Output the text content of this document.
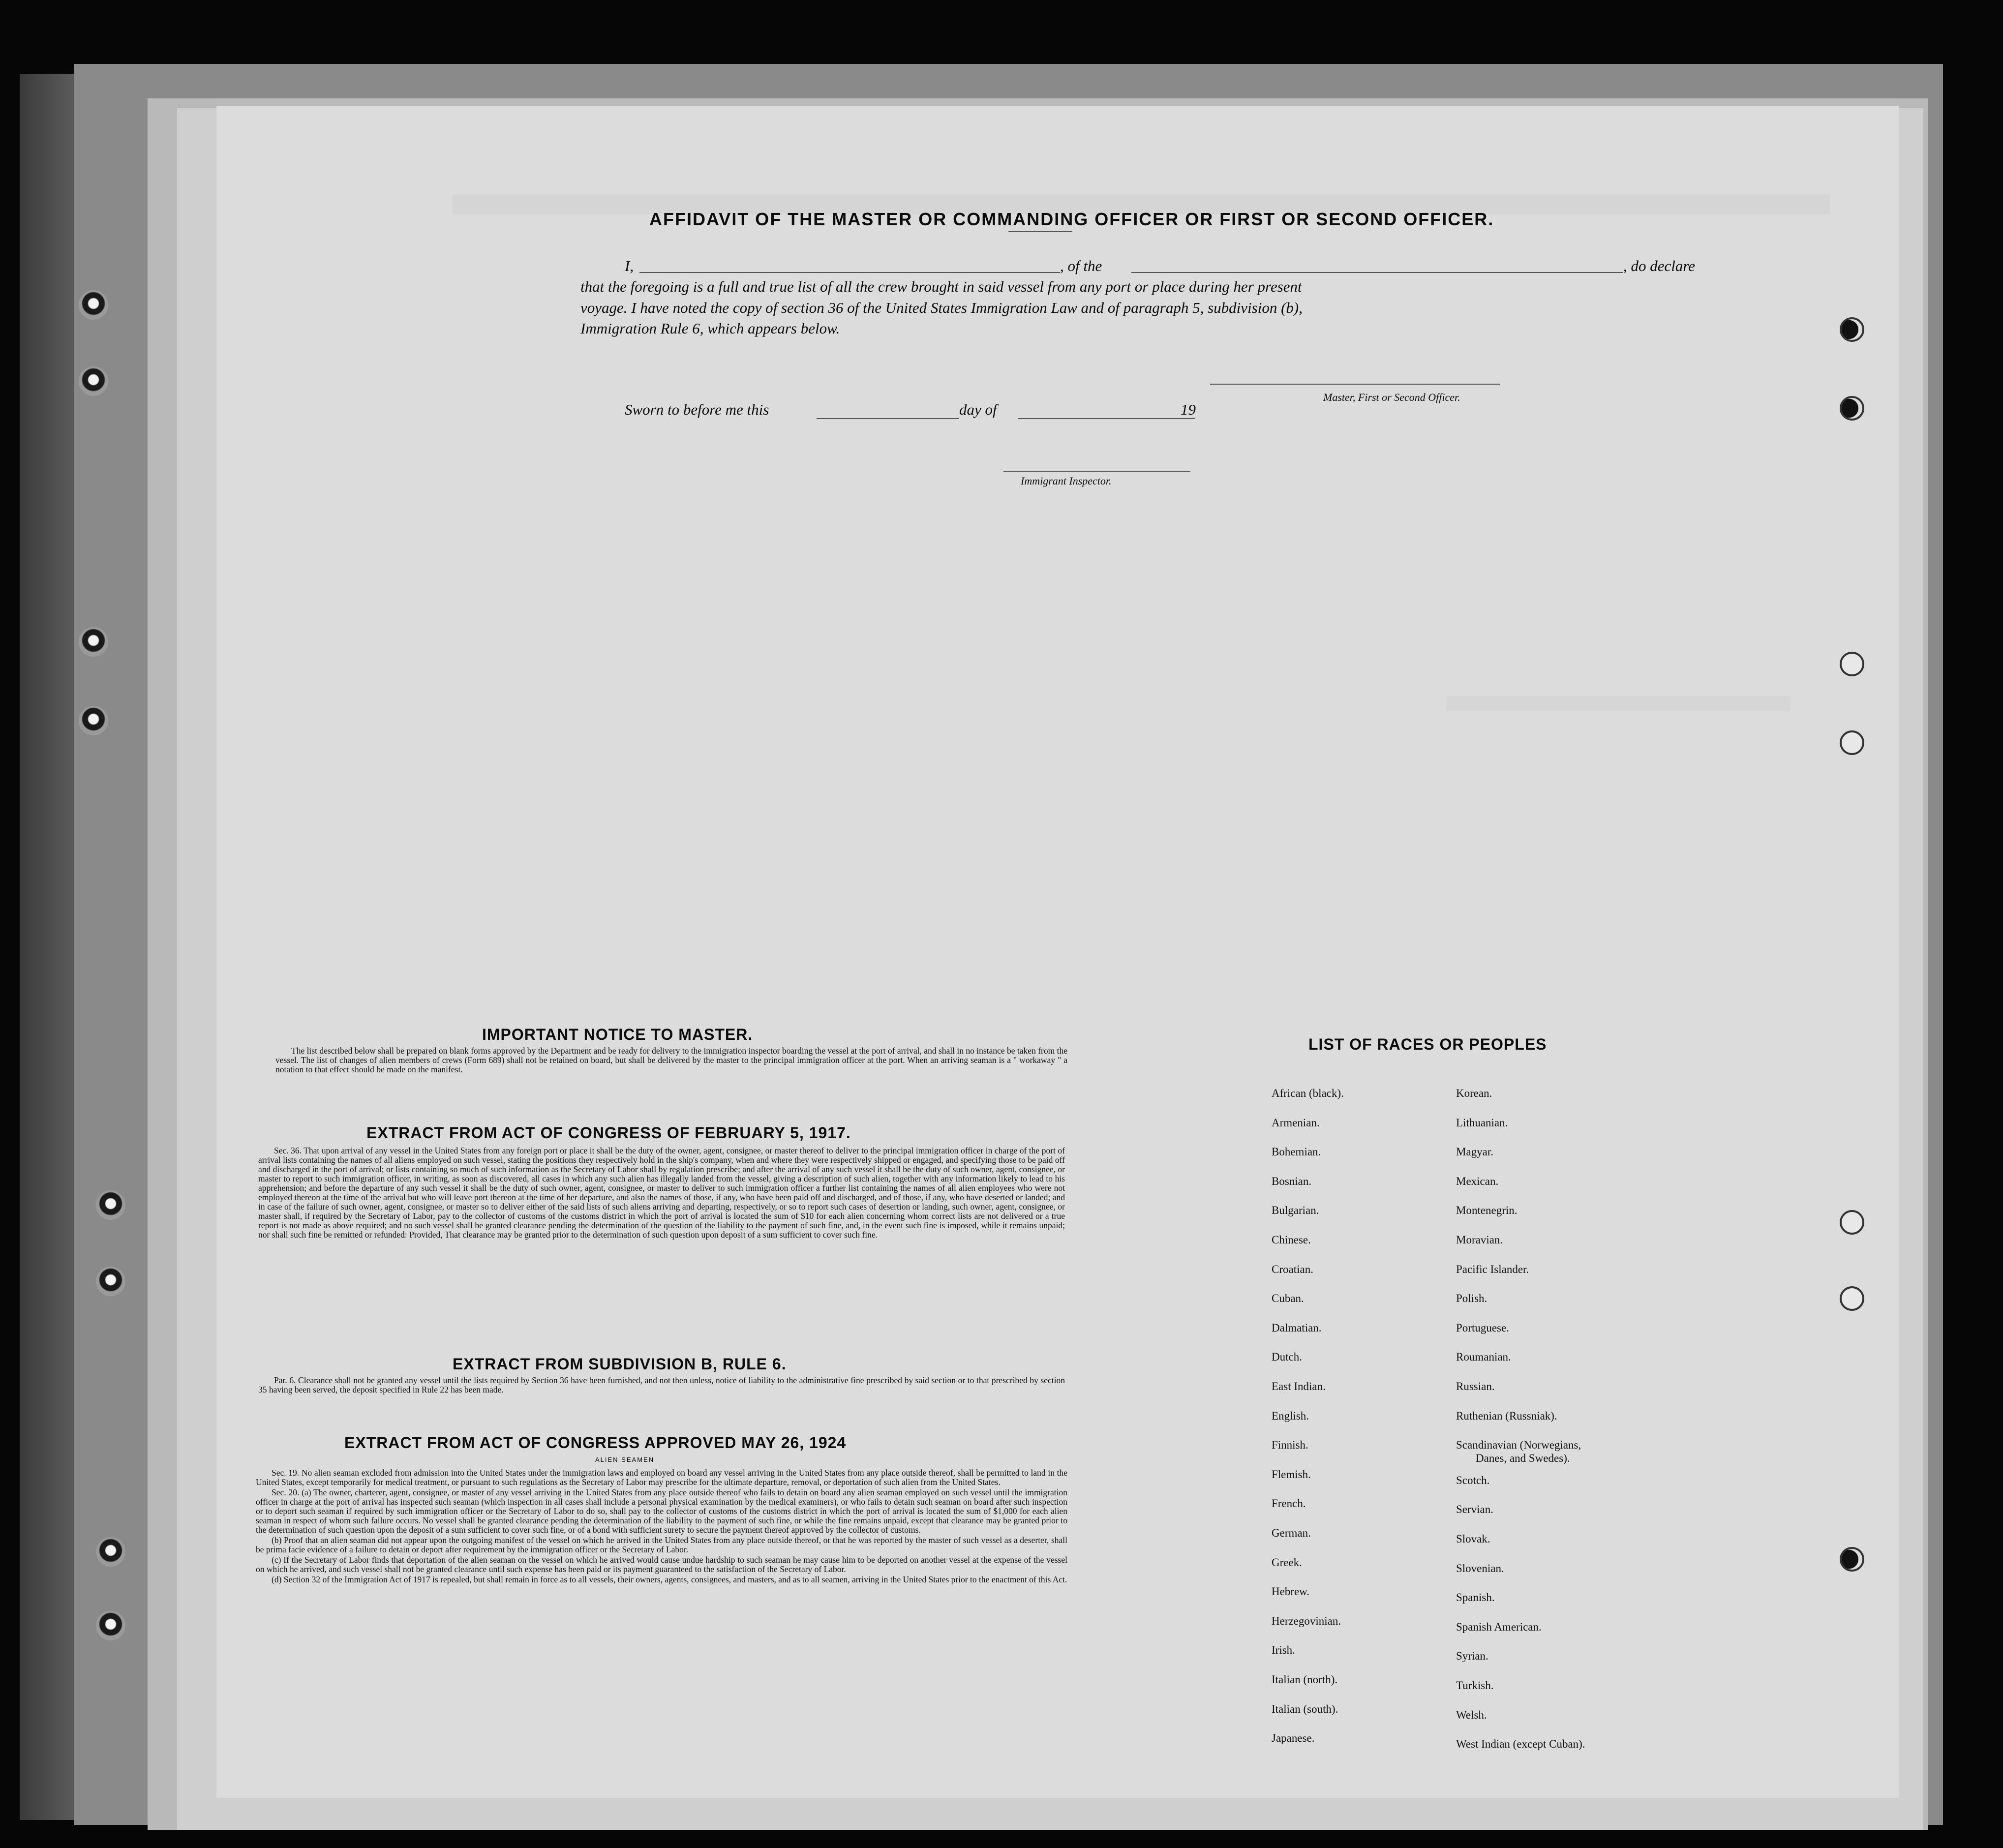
AFFIDAVIT OF THE MASTER OR COMMANDING OFFICER OR FIRST OR SECOND OFFICER.
I,	, of the	, do declare
that the foregoing is a full and true list of all the crew brought in said vessel from any port or place during her present
voyage. I have noted the copy of section 36 of the United States Immigration Law and of paragraph 5, subdivision (b),
Immigration Rule 6, which appears below.
Master, First or Second Officer.
Sworn to before me this	day of	19
Immigrant Inspector.
IMPORTANT NOTICE TO MASTER.

The list described below shall be prepared on blank forms approved by the Department and be ready for delivery to the immigration inspector boarding the vessel at the port of arrival, and shall in no instance be taken from the vessel. The list of changes of alien members of crews (Form 689) shall not be retained on board, but shall be delivered by the master to the principal immigration officer at the port. When an arriving seaman is a " workaway " a notation to that effect should be made on the manifest.

EXTRACT FROM ACT OF CONGRESS OF FEBRUARY 5, 1917.

Sec. 36. That upon arrival of any vessel in the United States from any foreign port or place it shall be the duty of the owner, agent, consignee, or master thereof to deliver to the principal immigration officer in charge of the port of arrival lists containing the names of all aliens employed on such vessel, stating the positions they respectively hold in the ship's company, when and where they were respectively shipped or engaged, and specifying those to be paid off and discharged in the port of arrival; or lists containing so much of such information as the Secretary of Labor shall by regulation prescribe; and after the arrival of any such vessel it shall be the duty of such owner, agent, consignee, or master to report to such immigration officer, in writing, as soon as discovered, all cases in which any such alien has illegally landed from the vessel, giving a description of such alien, together with any information likely to lead to his apprehension; and before the departure of any such vessel it shall be the duty of such owner, agent, consignee, or master to deliver to such immigration officer a further list containing the names of all alien employees who were not employed thereon at the time of the arrival but who will leave port thereon at the time of her departure, and also the names of those, if any, who have been paid off and discharged, and of those, if any, who have deserted or landed; and in case of the failure of such owner, agent, consignee, or master so to deliver either of the said lists of such aliens arriving and departing, respectively, or so to report such cases of desertion or landing, such owner, agent, consignee, or master shall, if required by the Secretary of Labor, pay to the collector of customs of the customs district in which the port of arrival is located the sum of $10 for each alien concerning whom correct lists are not delivered or a true report is not made as above required; and no such vessel shall be granted clearance pending the determination of the question of the liability to the payment of such fine, and, in the event such fine is imposed, while it remains unpaid; nor shall such fine be remitted or refunded: Provided, That clearance may be granted prior to the determination of such question upon deposit of a sum sufficient to cover such fine.

EXTRACT FROM SUBDIVISION B, RULE 6.

Par. 6. Clearance shall not be granted any vessel until the lists required by Section 36 have been furnished, and not then unless, notice of liability to the administrative fine prescribed by said section or to that prescribed by section 35 having been served, the deposit specified in Rule 22 has been made.

EXTRACT FROM ACT OF CONGRESS APPROVED MAY 26, 1924
ALIEN SEAMEN

Sec. 19. No alien seaman excluded from admission into the United States under the immigration laws and employed on board any vessel arriving in the United States from any place outside thereof, shall be permitted to land in the United States, except temporarily for medical treatment, or pursuant to such regulations as the Secretary of Labor may prescribe for the ultimate departure, removal, or deportation of such alien from the United States.

Sec. 20. (a) The owner, charterer, agent, consignee, or master of any vessel arriving in the United States from any place outside thereof who fails to detain on board any alien seaman employed on such vessel until the immigration officer in charge at the port of arrival has inspected such seaman (which inspection in all cases shall include a personal physical examination by the medical examiners), or who fails to detain such seaman on board after such inspection or to deport such seaman if required by such immigration officer or the Secretary of Labor to do so, shall pay to the collector of customs of the customs district in which the port of arrival is located the sum of $1,000 for each alien seaman in respect of whom such failure occurs. No vessel shall be granted clearance pending the determination of the liability to the payment of such fine, or while the fine remains unpaid, except that clearance may be granted prior to the determination of such question upon the deposit of a sum sufficient to cover such fine, or of a bond with sufficient surety to secure the payment thereof approved by the collector of customs.

(b) Proof that an alien seaman did not appear upon the outgoing manifest of the vessel on which he arrived in the United States from any place outside thereof, or that he was reported by the master of such vessel as a deserter, shall be prima facie evidence of a failure to detain or deport after requirement by the immigration officer or the Secretary of Labor.

(c) If the Secretary of Labor finds that deportation of the alien seaman on the vessel on which he arrived would cause undue hardship to such seaman he may cause him to be deported on another vessel at the expense of the vessel on which he arrived, and such vessel shall not be granted clearance until such expense has been paid or its payment guaranteed to the satisfaction of the Secretary of Labor.

(d) Section 32 of the Immigration Act of 1917 is repealed, but shall remain in force as to all vessels, their owners, agents, consignees, and masters, and as to all seamen, arriving in the United States prior to the enactment of this Act.

LIST OF RACES OR PEOPLES
African (black).
Armenian.
Bohemian.
Bosnian.
Bulgarian.
Chinese.
Croatian.
Cuban.
Dalmatian.
Dutch.
East Indian.
English.
Finnish.
Flemish.
French.
German.
Greek.
Hebrew.
Herzegovinian.
Irish.
Italian (north).
Italian (south).
Japanese.
Korean.
Lithuanian.
Magyar.
Mexican.
Montenegrin.
Moravian.
Pacific Islander.
Polish.
Portuguese.
Roumanian.
Russian.
Ruthenian (Russniak).
Scandinavian (Norwegians,
Scotch.
Servian.
Slovak.
Slovenian.
Spanish.
Spanish American.
Syrian.
Turkish.
Welsh.
West Indian (except Cuban).
Danes, and Swedes).
